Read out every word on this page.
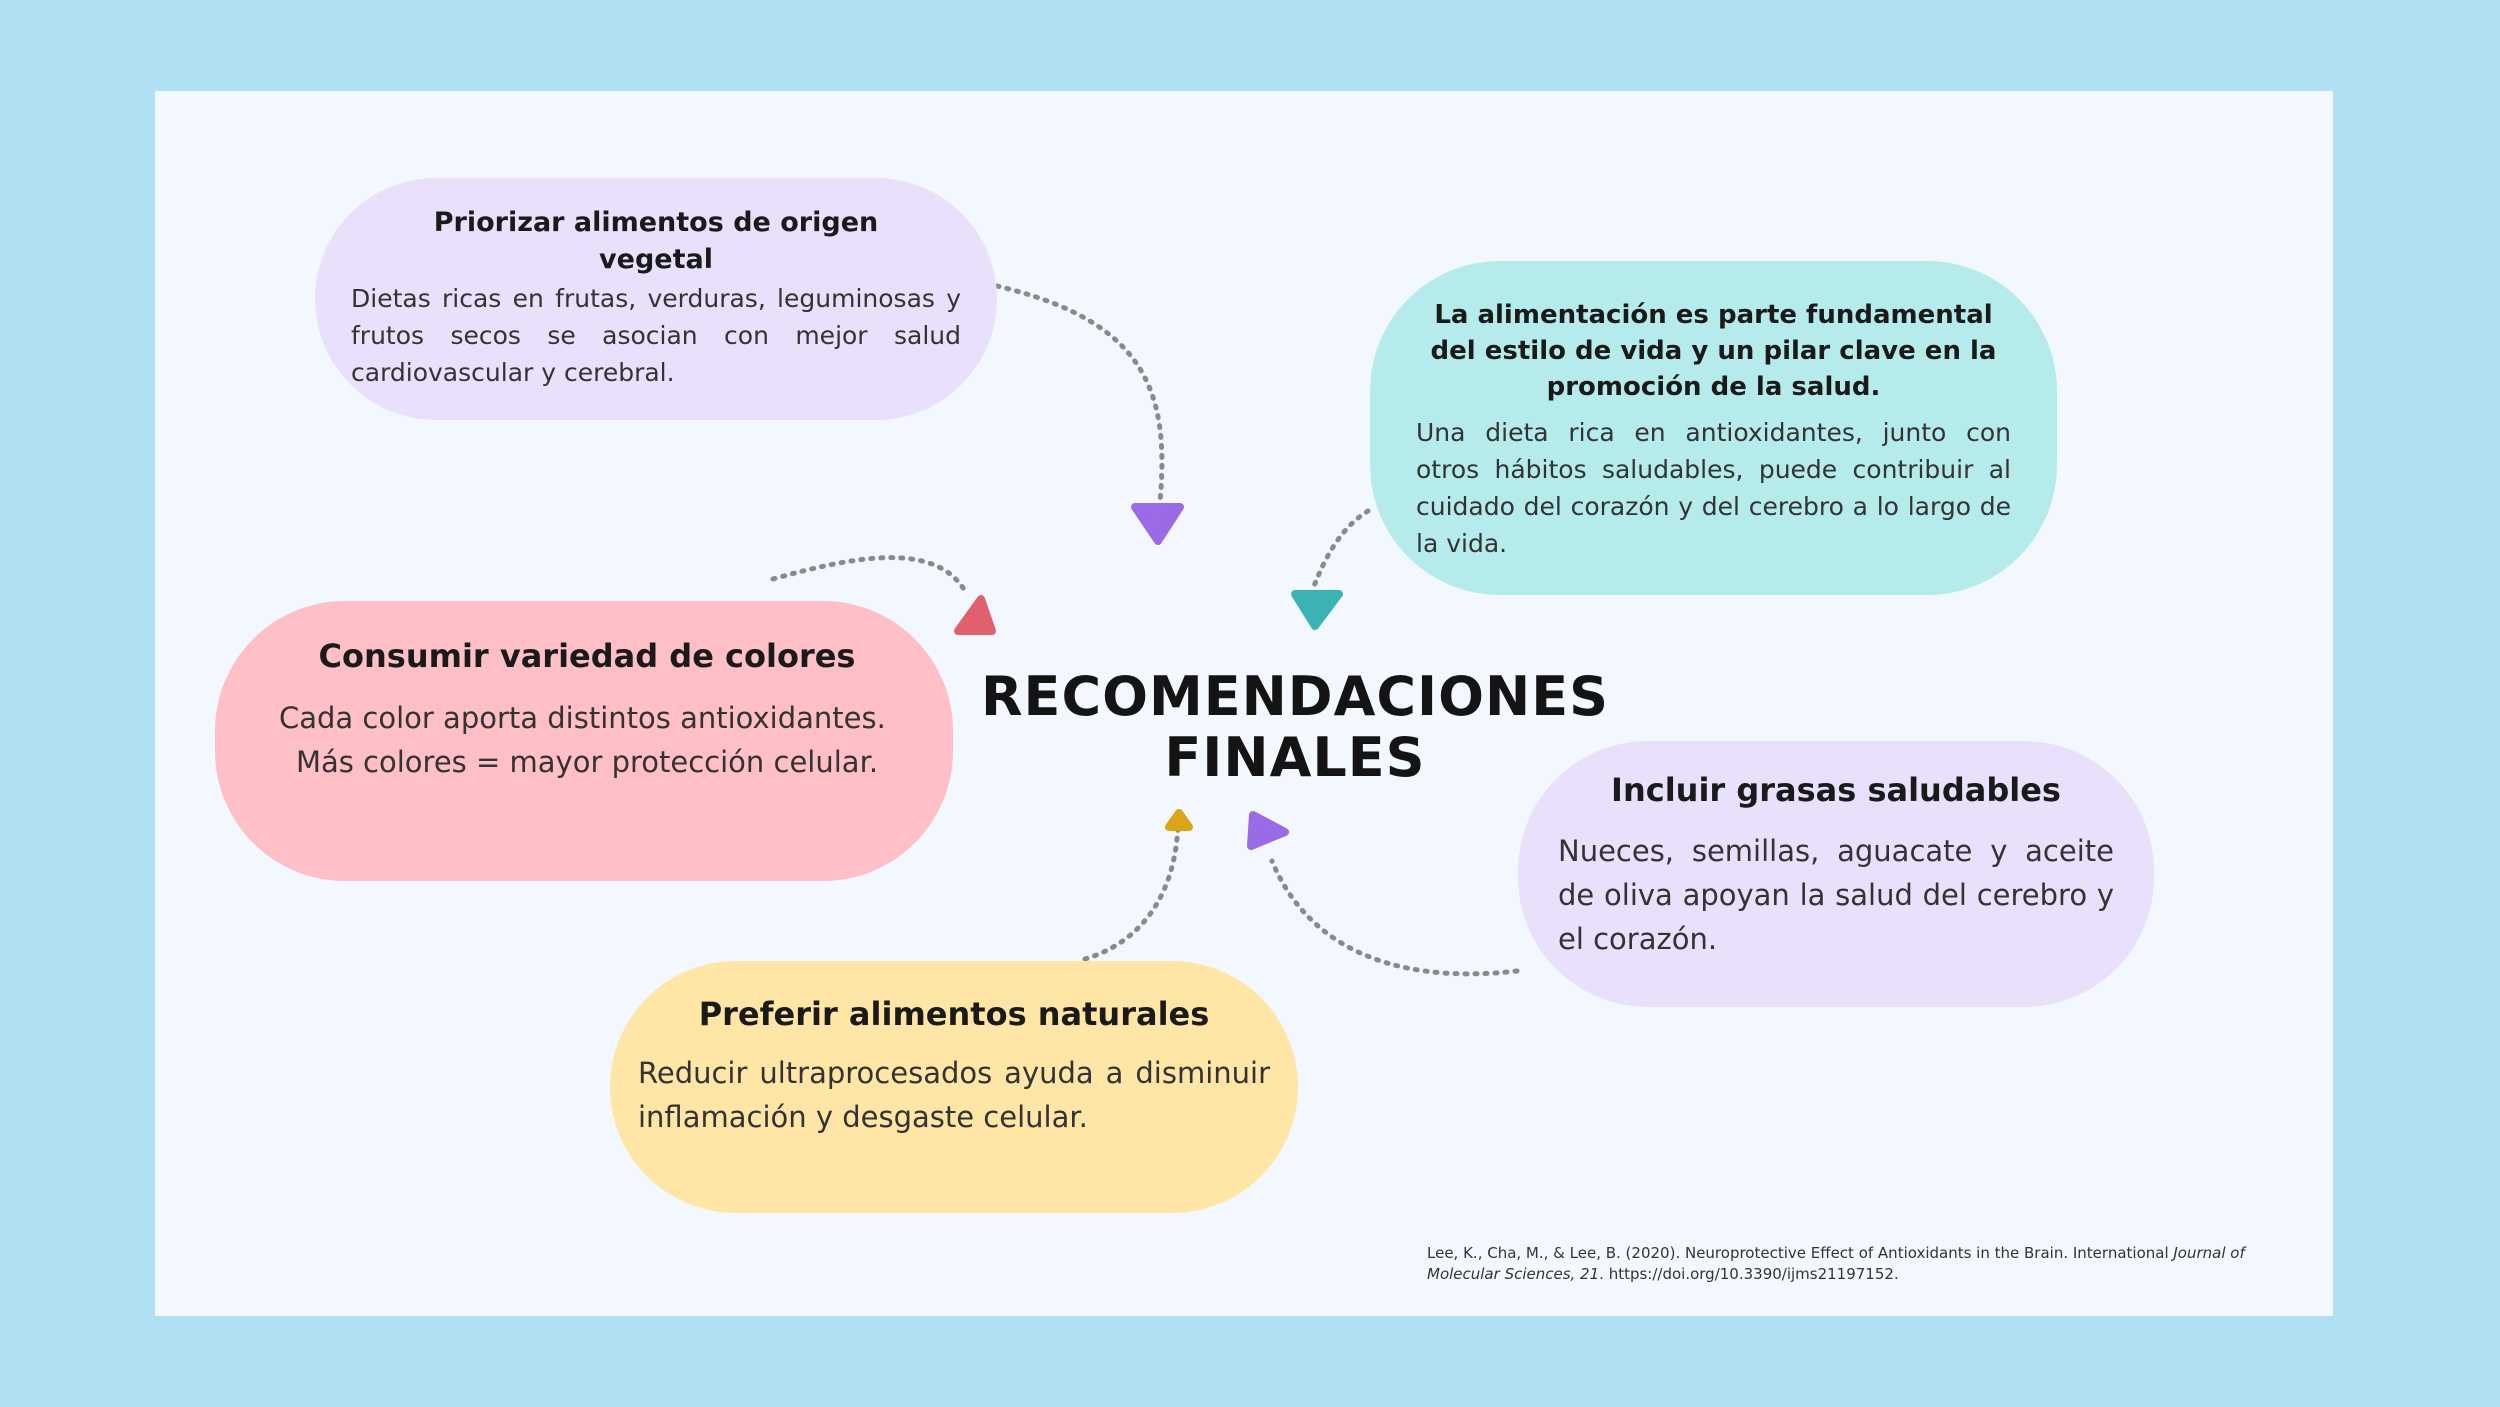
Priorizar alimentos de origen vegetal

Dietas ricas en frutas, verduras, leguminosas y frutos secos se asocian con mejor salud cardiovascular y cerebral.

La alimentación es parte fundamental del estilo de vida y un pilar clave en la promoción de la salud.

Una dieta rica en antioxidantes, junto con otros hábitos saludables, puede contribuir al cuidado del corazón y del cerebro a lo largo de la vida.

Consumir variedad de colores

Cada color aporta distintos antioxidantes.

Más colores = mayor protección celular.

RECOMENDACIONES FINALES
Incluir grasas saludables

Nueces, semillas, aguacate y aceite de oliva apoyan la salud del cerebro y el corazón.

Preferir alimentos naturales

Reducir ultraprocesados ayuda a disminuir inflamación y desgaste celular.

Lee, K., Cha, M., & Lee, B. (2020). Neuroprotective Effect of Antioxidants in the Brain. International Journal of Molecular Sciences, 21. https://doi.org/10.3390/ijms21197152.
